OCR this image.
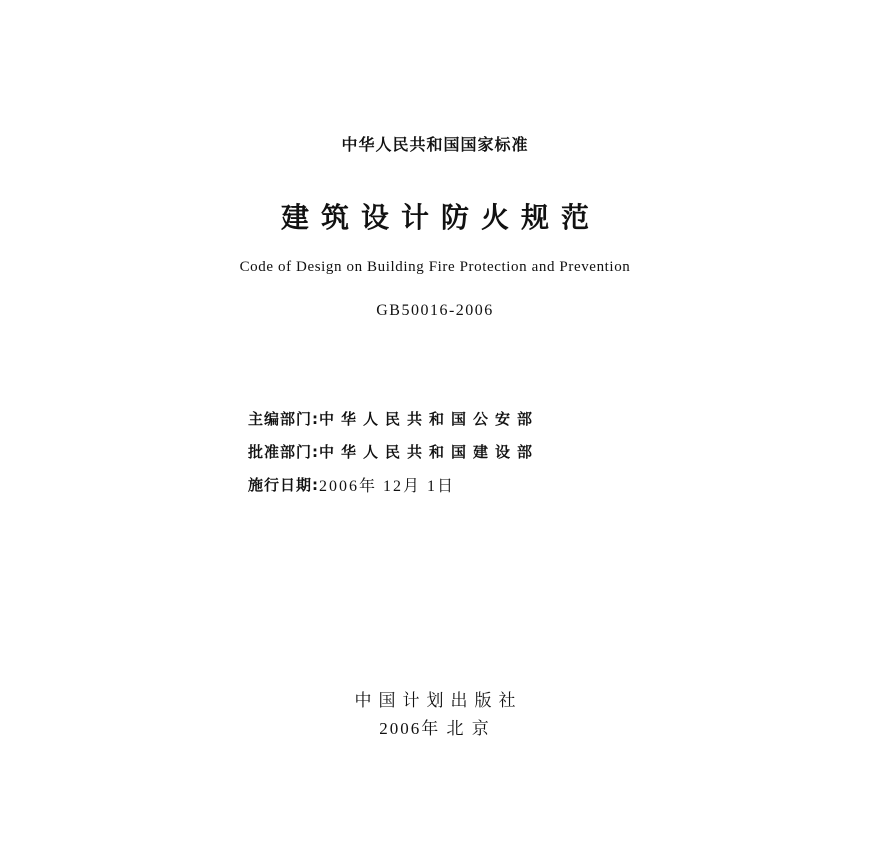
中华人民共和国国家标准
建筑设计防火规范
Code of Design on Building Fire Protection and Prevention
GB50016-2006
主编部门: 中华人民共和国公安部
批准部门: 中华人民共和国建设部
施行日期: 2006年 12月 1日
中国计划出版社
2006年 北 京
